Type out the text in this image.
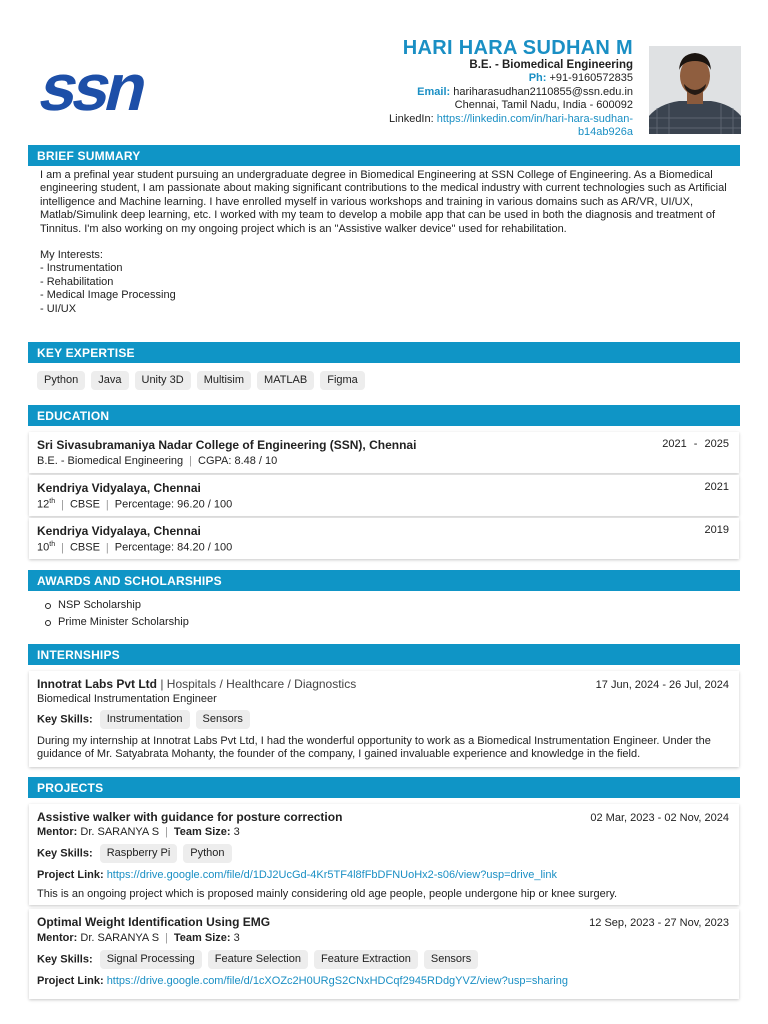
ssn
HARI HARA SUDHAN M
B.E. - Biomedical Engineering
Ph: +91-9160572835
Email: hariharasudhan2110855@ssn.edu.in
Chennai, Tamil Nadu, India - 600092
LinkedIn: https://linkedin.com/in/hari-hara-sudhan-
b14ab926a
BRIEF SUMMARY

I am a prefinal year student pursuing an undergraduate degree in Biomedical Engineering at SSN College of Engineering. As a Biomedical engineering student, I am passionate about making significant contributions to the medical industry with current technologies such as Artificial intelligence and Machine learning. I have enrolled myself in various workshops and training in various domains such as AR/VR, UI/UX, Matlab/Simulink deep learning, etc. I worked with my team to develop a mobile app that can be used in both the diagnosis and treatment of Tinnitus. I'm also working on my ongoing project which is an "Assistive walker device" used for rehabilitation.

My Interests:

- Instrumentation

- Rehabilitation

- Medical Image Processing

- UI/UX

KEY EXPERTISE
Python	Java	Unity 3D	Multisim	MATLAB	Figma
EDUCATION
Sri Sivasubramaniya Nadar College of Engineering (SSN), Chennai	2021 - 2025
B.E. - Biomedical Engineering | CGPA: 8.48 / 10
Kendriya Vidyalaya, Chennai	2021
12th | CBSE | Percentage: 96.20 / 100
Kendriya Vidyalaya, Chennai	2019
10th | CBSE | Percentage: 84.20 / 100
AWARDS AND SCHOLARSHIPS
NSP Scholarship
Prime Minister Scholarship
INTERNSHIPS
Innotrat Labs Pvt Ltd | Hospitals / Healthcare / Diagnostics	17 Jun, 2024 - 26 Jul, 2024
Biomedical Instrumentation Engineer
Key Skills:	Instrumentation	Sensors
During my internship at Innotrat Labs Pvt Ltd, I had the wonderful opportunity to work as a Biomedical Instrumentation Engineer. Under the guidance of Mr. Satyabrata Mohanty, the founder of the company, I gained invaluable experience and knowledge in the field.
PROJECTS
Assistive walker with guidance for posture correction	02 Mar, 2023 - 02 Nov, 2024
Mentor: Dr. SARANYA S | Team Size: 3
Key Skills:	Raspberry Pi	Python
Project Link: https://drive.google.com/file/d/1DJ2UcGd-4Kr5TF4l8fFbDFNUoHx2-s06/view?usp=drive_link
This is an ongoing project which is proposed mainly considering old age people, people undergone hip or knee surgery.
Optimal Weight Identification Using EMG	12 Sep, 2023 - 27 Nov, 2023
Mentor: Dr. SARANYA S | Team Size: 3
Key Skills:	Signal Processing	Feature Selection	Feature Extraction	Sensors
Project Link: https://drive.google.com/file/d/1cXOZc2H0URgS2CNxHDCqf2945RDdgYVZ/view?usp=sharing
